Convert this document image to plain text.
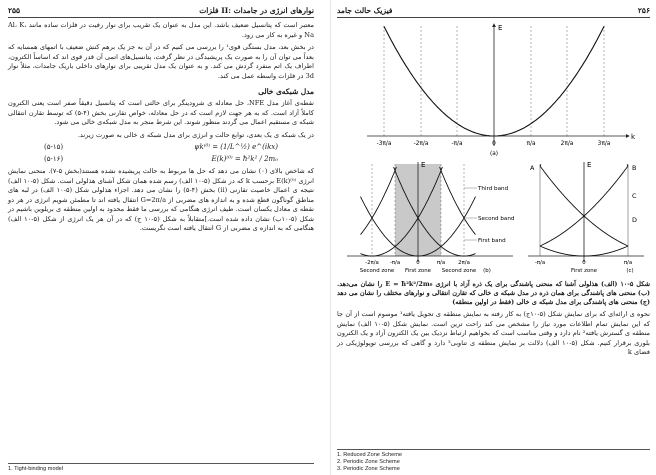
۲۵۵	فلزات II: نوارهای انرژی در جامدات

معتبر است که پتانسیل ضعیف باشد. این مدل به عنوان یک تقریب برای نوار رفیت در فلزات ساده مانند Al، K، Na و غیره به کار می رود.

در بخش بعد، مدل بستگی قوی¹ را بررسی می کنیم که در آن به جز یک برهم کنش ضعیف با اتمهای همسایه که بعداً می توان آن را به صورت یک پریشیدگی در نظر گرفت، پتانسیل‌های اتمی آن قدر قوی اند که اساساً الکترون، اطراف یک اتم منفرد گردش می کند. و به عنوان یک مدل تقریبی برای نوارهای داخلی باریک جامدات، مثلاً نوار 3d در فلزات واسطه عمل می کند.

مدل شبکه‌ی خالی

نقطه‌ی آغاز مدل NFE، حل معادله ی شرودینگر برای حالتی است که پتانسیل دقیقاً صفر است یعنی الکترون کاملاً آزاد است. که به هر جهت لازم است که در حل معادله، خواص تقارنی بخش (۴-۵) که توسط تقارن انتقالی شبکه ی مستقیم اعمال می گردند منظور شوند. این شرط منجر به مدل شبکه‌ی خالی می شود.

در یک شبکه ی یک بعدی، توابع حالت و انرژی برای مدل شبکه ی خالی به صورت زیرند.

(۵-۱۵)	ψk⁽⁰⁾ = (1/L^½) e^(ikx)
(۵-۱۶)	E(k)⁽⁰⁾ = ħ²k² / 2m₀

که شاخص بالای (۰) نشان می دهد که حل ها مربوط به حالت پریشیده نشده هستند(بخش ۵-۷). منحنی نمایش انرژی E(k)⁽⁰⁾ برحسب k که در شکل (۵-۱۰ الف) رسم شده همان شکل آشنای هذلولی است. شکل (۵-۱۰ الف) نتیجه ی اعمال خاصیت تقارنی (ii) بخش (۴-۵) را نشان می دهد. اجزاء هذلولی شکل (۵-۱۰ الف) در لبه های مناطق گوناگون قطع شده و به اندازه های مضربی از G=2π/a انتقال یافته اند تا مطمئن شویم انرژی در هر دو نقطه ی معادل یکسان است. طیف انرژی هنگامی که بررسی ما فقط محدود به اولین منطقه ی بریلوین باشیم در شکل (۵-۱۰ب) نشان داده شده است.]متقابلاً به شکل (۵-۱۰ ج) که در آن هر یک انرژی از شکل (۵-۱۰ الف) هنگامی که به اندازه ی مضربی از G انتقال یافته است نگریست.

1. Tight-binding model
فیزیک حالت جامد	۲۵۶
E
k
-3π/a	-2π/a	-π/a	0	π/a	2π/a	3π/a
(a)
E
Third band
Second band
First band
-2π/a -π/a	0	π/a 2π/a
Second zone First zone Second zone (b)
E
A	B
C
D
-π/a	0	π/a
First zone	(c)
شکل ۵-۱۰ (الف) هذلولی آشنا که منحنی پاشندگی برای یک ذره آزاد با انرژی E = ħ²k²/2m₀ را نشان می‌دهد. (ب) منحنی های پاشندگی برای همان ذره در مدل شبکه ی خالی که تقارن انتقالی و نوارهای مختلف را نشان می دهد (ج) منحنی های پاشندگی برای مدل شبکه ی خالی (فقط در اولین منطقه)

نحوه ی ارائه‌ای که برای نمایش شکل (۵-۱۰ج) به کار رفته به نمایش منطقه ی تحویل یافته¹ موسوم است از آن جا که این نمایش تمام اطلاعات مورد نیاز را مشخص می کند راحت ترین است. نمایش شکل (۵-۱۰ الف) نمایش منطقه ی گسترش یافته² نام دارد و وقتی مناسب است که بخواهیم ارتباط نزدیک بین یک الکترون آزاد و یک الکترون بلوری برقرار کنیم. شکل (۵-۱۰ الف) دلالت بر نمایش منطقه ی تناوبی³ دارد و گاهی که بررسی توپولوژیکی در فضای k

1. Reduced Zone Scheme
2. Periodic Zone Scheme
3. Periodic Zone Scheme
